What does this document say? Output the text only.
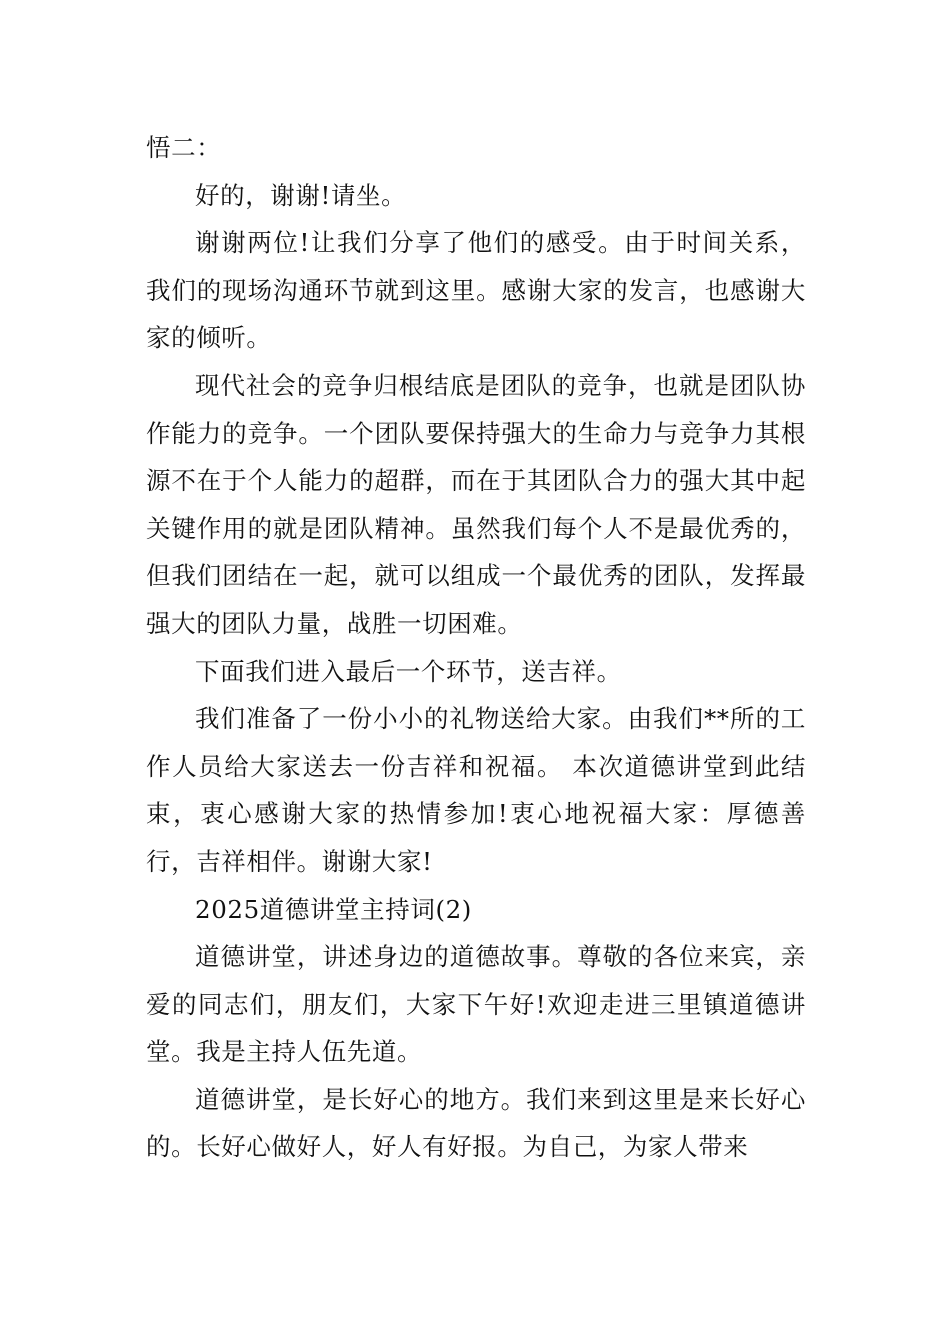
悟二：

好的，谢谢!请坐。

谢谢两位!让我们分享了他们的感受。由于时间关系，我们的现场沟通环节就到这里。感谢大家的发言，也感谢大家的倾听。

现代社会的竞争归根结底是团队的竞争，也就是团队协作能力的竞争。一个团队要保持强大的生命力与竞争力其根源不在于个人能力的超群，而在于其团队合力的强大其中起关键作用的就是团队精神。虽然我们每个人不是最优秀的，但我们团结在一起，就可以组成一个最优秀的团队，发挥最强大的团队力量，战胜一切困难。

下面我们进入最后一个环节，送吉祥。

我们准备了一份小小的礼物送给大家。由我们**所的工作人员给大家送去一份吉祥和祝福。 本次道德讲堂到此结束，衷心感谢大家的热情参加!衷心地祝福大家：厚德善行，吉祥相伴。谢谢大家!

2025道德讲堂主持词(2)

道德讲堂，讲述身边的道德故事。尊敬的各位来宾，亲爱的同志们，朋友们，大家下午好!欢迎走进三里镇道德讲堂。我是主持人伍先道。

道德讲堂，是长好心的地方。我们来到这里是来长好心的。长好心做好人，好人有好报。为自己，为家人带来
